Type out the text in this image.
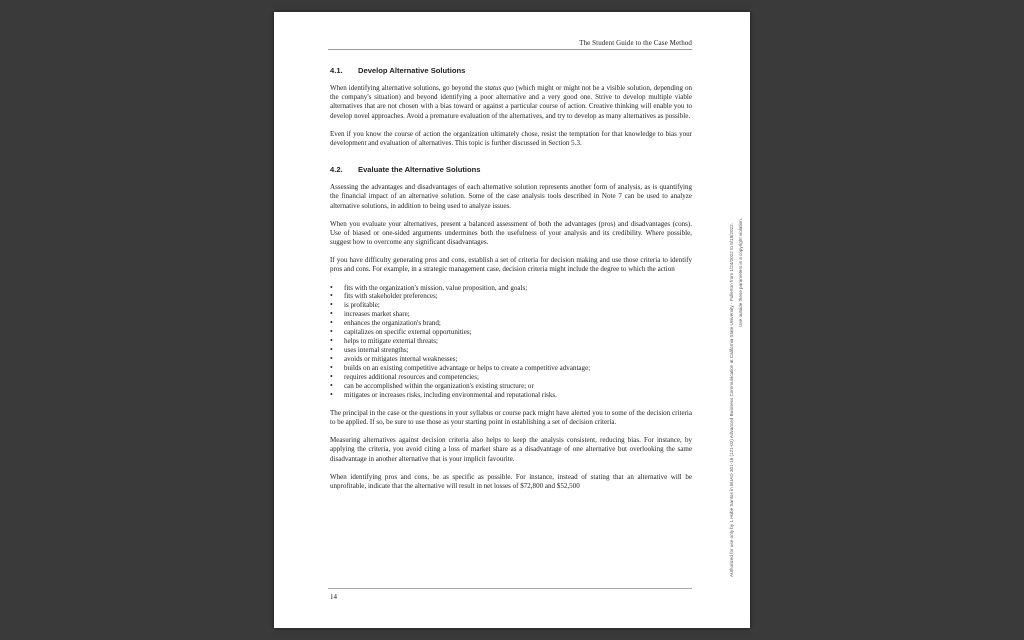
The Student Guide to the Case Method
4.1.	Develop Alternative Solutions

When identifying alternative solutions, go beyond the status quo (which might or might not be a visible solution, depending on the company's situation) and beyond identifying a poor alternative and a very good one. Strive to develop multiple viable alternatives that are not chosen with a bias toward or against a particular course of action. Creative thinking will enable you to develop novel approaches. Avoid a premature evaluation of the alternatives, and try to develop as many alternatives as possible.

Even if you know the course of action the organization ultimately chose, resist the temptation for that knowledge to bias your development and evaluation of alternatives. This topic is further discussed in Section 5.3.

4.2.	Evaluate the Alternative Solutions

Assessing the advantages and disadvantages of each alternative solution represents another form of analysis, as is quantifying the financial impact of an alternative solution. Some of the case analysis tools described in Note 7 can be used to analyze alternative solutions, in addition to being used to analyze issues.

When you evaluate your alternatives, present a balanced assessment of both the advantages (pros) and disadvantages (cons). Use of biased or one-sided arguments undermines both the usefulness of your analysis and its credibility. Where possible, suggest how to overcome any significant disadvantages.

If you have difficulty generating pros and cons, establish a set of criteria for decision making and use those criteria to identify pros and cons. For example, in a strategic management case, decision criteria might include the degree to which the action

• fits with the organization's mission, value proposition, and goals;
• fits with stakeholder preferences;
• is profitable;
• increases market share;
• enhances the organization's brand;
• capitalizes on specific external opportunities;
• helps to mitigate external threats;
• uses internal strengths;
• avoids or mitigates internal weaknesses;
• builds on an existing competitive advantage or helps to create a competitive advantage;
• requires additional resources and competencies;
• can be accomplished within the organization's existing structure; or
• mitigates or increases risks, including environmental and reputational risks.

The principal in the case or the questions in your syllabus or course pack might have alerted you to some of the decision criteria to be applied. If so, be sure to use those as your starting point in establishing a set of decision criteria.

Measuring alternatives against decision criteria also helps to keep the analysis consistent, reducing bias. For instance, by applying the criteria, you avoid citing a loss of market share as a disadvantage of one alternative but overlooking the same disadvantage in another alternative that is your implicit favourite.

When identifying pros and cons, be as specific as possible. For instance, instead of stating that an alternative will be unprofitable, indicate that the alternative will result in net losses of $72,800 and $52,500

14
Authorized for use only by 1 Hobe Santos in BUAD 301-16 (121-02) Advanced Business Communication at California State University - Fullerton from 1/24/2022 to 5/18/2022. Use outside these parameters is a copyright violation.
